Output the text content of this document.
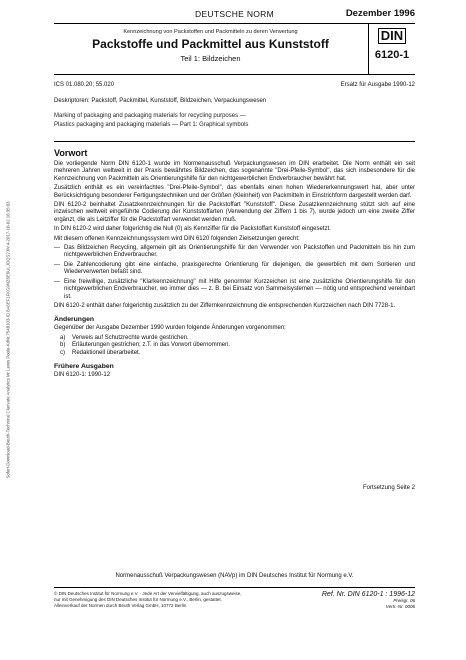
Sofort-Download-Beuth-Technical Clarivate Analytics Mr Lewis Poole-KdNr.7548103-ID.8A6EF1FKG9NZ6E6ULJDQS2JW.4-2017-10-02 18:35:03
DEUTSCHE NORM	Dezember 1996
Kennzeichnung von Packstoffen und Packmitteln zu deren Verwertung
Packstoffe und Packmittel aus Kunststoff
Teil 1: Bildzeichen
DIN
6120-1
ICS 01.080.20; 55.020	Ersatz für Ausgabe 1990-12
Deskriptoren: Packstoff, Packmittel, Kunststoff, Bildzeichen, Verpackungswesen
Marking of packaging and packaging materials for recycling purposes —
Plastics packaging and packaging materials — Part 1: Graphical symbols
Vorwort

Die vorliegende Norm DIN 6120-1 wurde im Normenausschuß Verpackungswesen im DIN erarbeitet. Die Norm enthält ein seit mehreren Jahren weltweit in der Praxis bewährtes Bildzeichen, das sogenannte "Drei-Pfeile-Symbol", das sich insbesondere für die Kennzeichnung von Packmitteln als Orientierungshilfe für den nichtgewerblichen Endverbraucher bewährt hat.

Zusätzlich enthält es ein vereinfachtes "Drei-Pfeile-Symbol", das ebenfalls einen hohen Wiedererkennungswert hat, aber unter Berücksichtigung besonderer Fertigungstechniken und der Größen (Kleinheit) von Packmitteln in Einstrichform dargestellt werden darf.

DIN 6120-2 beinhaltet Zusatzkennzeichnungen für die Packstoffart "Kunststoff". Diese Zusatzkennzeichnung stützt sich auf eine inzwischen weltweit eingeführte Codierung der Kunststoffarten (Verwendung der Ziffern 1 bis 7), wurde jedoch um eine zweite Ziffer ergänzt, die als Leitziffer für die Packstoffart verwendet werden muß.

In DIN 6120-2 wird daher folgerichtig die Null (0) als Kennziffer für die Packstoffart Kunststoff eingesetzt.

Mit diesem offenen Kennzeichnungssystem wird DIN 6120 folgenden Zielsetzungen gerecht:

— Das Bildzeichen Recycling, allgemein gilt als Orientierungshilfe für den Verwender von Packstoffen und Packmitteln bis hin zum nichtgewerblichen Endverbraucher.
— Die Zahlencodierung gibt eine einfache, praxisgerechte Orientierung für diejenigen, die gewerblich mit dem Sortieren und Wiederverwerten befaßt sind.
— Eine freiwillige, zusätzliche "Klarkennzeichnung" mit Hilfe genormter Kurzzeichen ist eine zusätzliche Orientierungshilfe für den nichtgewerblichen Endverbraucher, wo immer dies — z. B. bei Einsatz von Sammelsystemen — nötig und entsprechend vereinbart ist.

DIN 6120-2 enthält daher folgerichtig zusätzlich zu der Ziffernkennzeichnung die entsprechenden Kurzzeichen nach DIN 7728-1.

Änderungen

Gegenüber der Ausgabe Dezember 1990 wurden folgende Änderungen vorgenommen:

a)	Verweis auf Schutzrechte wurde gestrichen.
b)	Erläuterungen gestrichen; z.T. in das Vorwort übernommen.
c)	Redaktionell überarbeitet.
Frühere Ausgaben

DIN 6120-1: 1990-12

Fortsetzung Seite 2
Normenausschuß Verpackungswesen (NAVp) im DIN Deutsches Institut für Normung e.V.
© DIN Deutsches Institut für Normung e.V. · Jede Art der Vervielfältigung, auch auszugsweise,
nur mit Genehmigung des DIN Deutsches Institut für Normung e.V., Berlin, gestattet.
Alleinverkauf der Normen durch Beuth Verlag GmbH, 10772 Berlin
Ref. Nr. DIN 6120-1 : 1996-12
Preisgr. 06
Vertr.-Nr. 0006
